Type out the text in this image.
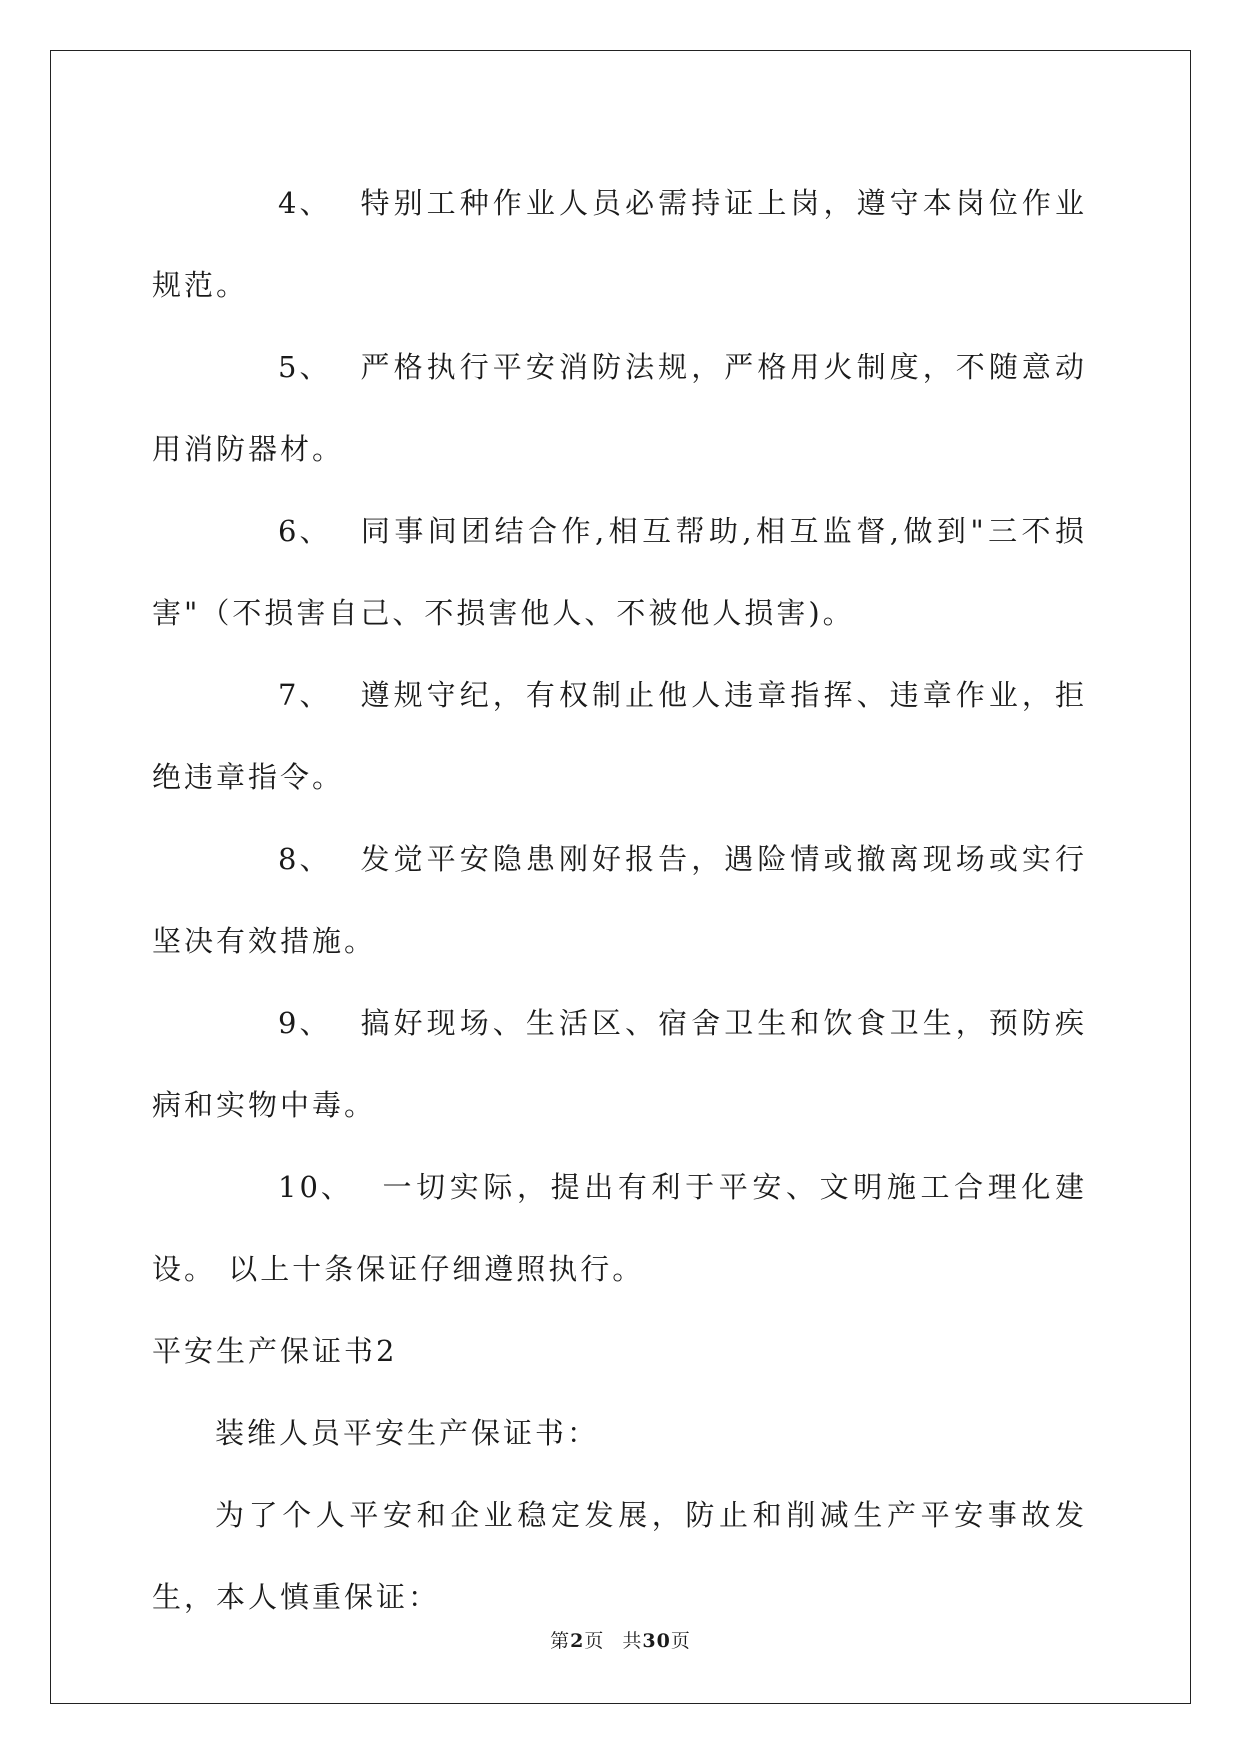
4、 特别工种作业人员必需持证上岗，遵守本岗位作业规范。

5、 严格执行平安消防法规，严格用火制度，不随意动用消防器材。

6、 同事间团结合作,相互帮助,相互监督,做到"三不损害"（不损害自己、不损害他人、不被他人损害)。

7、 遵规守纪，有权制止他人违章指挥、违章作业，拒绝违章指令。

8、 发觉平安隐患刚好报告，遇险情或撤离现场或实行坚决有效措施。

9、 搞好现场、生活区、宿舍卫生和饮食卫生，预防疾病和实物中毒。

10、 一切实际，提出有利于平安、文明施工合理化建设。 以上十条保证仔细遵照执行。

平安生产保证书2

装维人员平安生产保证书：

为了个人平安和企业稳定发展，防止和削减生产平安事故发生，本人慎重保证：

第2页 共30页
